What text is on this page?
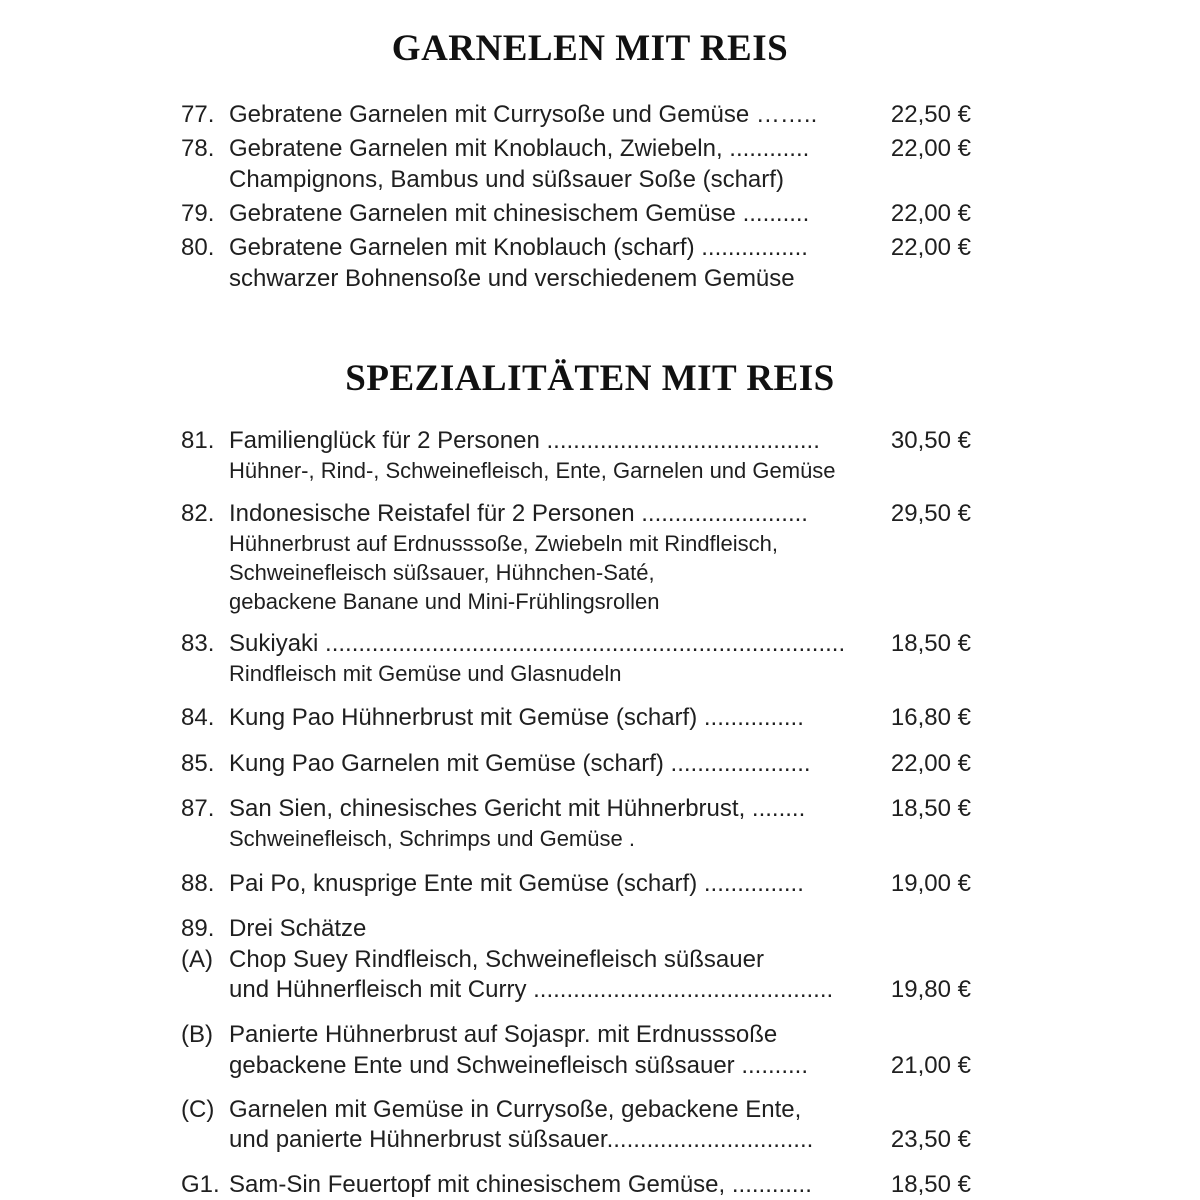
GARNELEN MIT REIS
77. Gebratene Garnelen mit Currysoße und Gemüse ……..	22,50 €
78. Gebratene Garnelen mit Knoblauch, Zwiebeln, ............	22,00 €
Champignons, Bambus und süßsauer Soße (scharf)
79. Gebratene Garnelen mit chinesischem Gemüse ..........	22,00 €
80. Gebratene Garnelen mit Knoblauch (scharf) ................	22,00 €
schwarzer Bohnensoße und verschiedenem Gemüse
SPEZIALITÄTEN MIT REIS
81. Familienglück für 2 Personen .........................................	30,50 €
Hühner-, Rind-, Schweinefleisch, Ente, Garnelen und Gemüse
82. Indonesische Reistafel für 2 Personen .........................	29,50 €
Hühnerbrust auf Erdnusssoße, Zwiebeln mit Rindfleisch,
Schweinefleisch süßsauer, Hühnchen-Saté,
gebackene Banane und Mini-Frühlingsrollen
83. Sukiyaki .............................................................................. 18,50 €
Rindfleisch mit Gemüse und Glasnudeln
84. Kung Pao Hühnerbrust mit Gemüse (scharf) ...............	16,80 €
85. Kung Pao Garnelen mit Gemüse (scharf) .....................	22,00 €
87. San Sien, chinesisches Gericht mit Hühnerbrust, ........	18,50 €
Schweinefleisch, Schrimps und Gemüse .
88. Pai Po, knusprige Ente mit Gemüse (scharf) ...............	19,00 €
89. Drei Schätze
(A) Chop Suey Rindfleisch, Schweinefleisch süßsauer
und Hühnerfleisch mit Curry ............................................. 19,80 €
(B) Panierte Hühnerbrust auf Sojaspr. mit Erdnusssoße
gebackene Ente und Schweinefleisch süßsauer ..........	21,00 €
(C) Garnelen mit Gemüse in Currysoße, gebackene Ente,
und panierte Hühnerbrust süßsauer...............................	23,50 €
G1. Sam-Sin Feuertopf mit chinesischem Gemüse, ............	18,50 €
